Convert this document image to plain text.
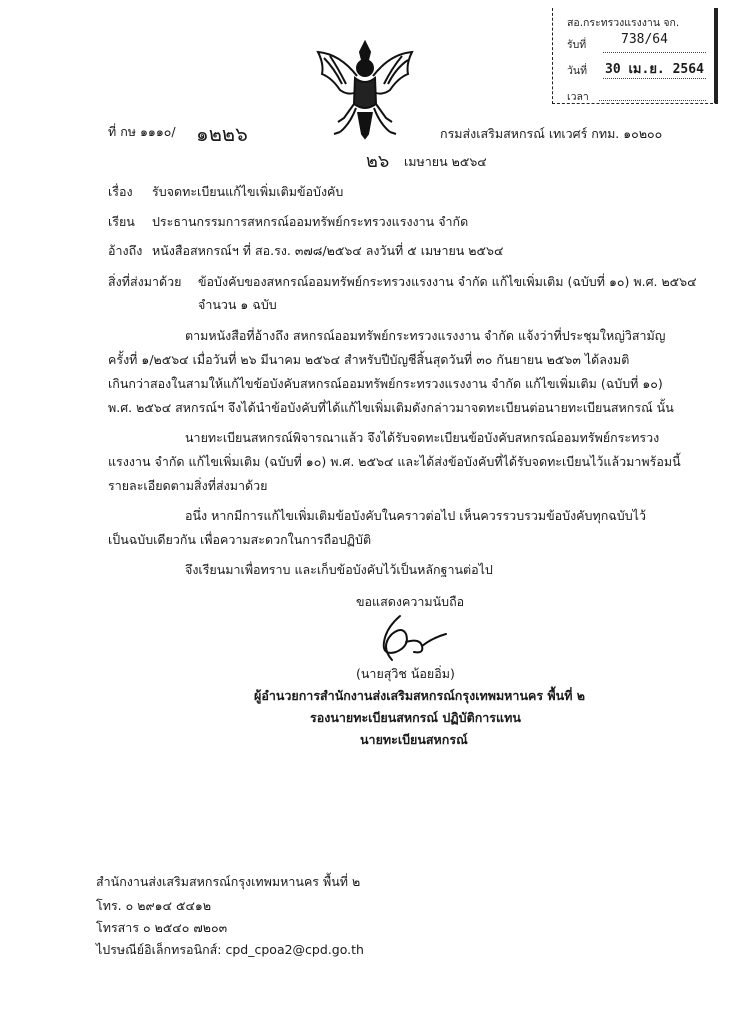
สอ.กระทรวงแรงงาน จก.
รับที่	738/64
วันที่ 30 เม.ย. 2564
เวลา
ที่ กษ ๑๑๑๐/ ๑๒๒๖	กรมส่งเสริมสหกรณ์ เทเวศร์ กทม. ๑๐๒๐๐
๒๖ เมษายน ๒๕๖๔
เรื่อง รับจดทะเบียนแก้ไขเพิ่มเติมข้อบังคับ
เรียน ประธานกรรมการสหกรณ์ออมทรัพย์กระทรวงแรงงาน จำกัด
อ้างถึง หนังสือสหกรณ์ฯ ที่ สอ.รง. ๓๗๘/๒๕๖๔ ลงวันที่ ๕ เมษายน ๒๕๖๔
สิ่งที่ส่งมาด้วย ข้อบังคับของสหกรณ์ออมทรัพย์กระทรวงแรงงาน จำกัด แก้ไขเพิ่มเติม (ฉบับที่ ๑๐) พ.ศ. ๒๕๖๔
จำนวน ๑ ฉบับ
ตามหนังสือที่อ้างถึง สหกรณ์ออมทรัพย์กระทรวงแรงงาน จำกัด แจ้งว่าที่ประชุมใหญ่วิสามัญ
ครั้งที่ ๑/๒๕๖๔ เมื่อวันที่ ๒๖ มีนาคม ๒๕๖๔ สำหรับปีบัญชีสิ้นสุดวันที่ ๓๐ กันยายน ๒๕๖๓ ได้ลงมติ
เกินกว่าสองในสามให้แก้ไขข้อบังคับสหกรณ์ออมทรัพย์กระทรวงแรงงาน จำกัด แก้ไขเพิ่มเติม (ฉบับที่ ๑๐)
พ.ศ. ๒๕๖๔ สหกรณ์ฯ จึงได้นำข้อบังคับที่ได้แก้ไขเพิ่มเติมดังกล่าวมาจดทะเบียนต่อนายทะเบียนสหกรณ์ นั้น
นายทะเบียนสหกรณ์พิจารณาแล้ว จึงได้รับจดทะเบียนข้อบังคับสหกรณ์ออมทรัพย์กระทรวง
แรงงาน จำกัด แก้ไขเพิ่มเติม (ฉบับที่ ๑๐) พ.ศ. ๒๕๖๔ และได้ส่งข้อบังคับที่ได้รับจดทะเบียนไว้แล้วมาพร้อมนี้
รายละเอียดตามสิ่งที่ส่งมาด้วย
อนึ่ง หากมีการแก้ไขเพิ่มเติมข้อบังคับในคราวต่อไป เห็นควรรวบรวมข้อบังคับทุกฉบับไว้
เป็นฉบับเดียวกัน เพื่อความสะดวกในการถือปฏิบัติ
จึงเรียนมาเพื่อทราบ และเก็บข้อบังคับไว้เป็นหลักฐานต่อไป
ขอแสดงความนับถือ
(นายสุวิช น้อยอิ่ม)
ผู้อำนวยการสำนักงานส่งเสริมสหกรณ์กรุงเทพมหานคร พื้นที่ ๒
รองนายทะเบียนสหกรณ์ ปฏิบัติการแทน
นายทะเบียนสหกรณ์
สำนักงานส่งเสริมสหกรณ์กรุงเทพมหานคร พื้นที่ ๒
โทร. ๐ ๒๙๑๔ ๕๔๑๒
โทรสาร ๐ ๒๕๔๐ ๗๒๐๓
ไปรษณีย์อิเล็กทรอนิกส์: cpd_cpoa2@cpd.go.th
